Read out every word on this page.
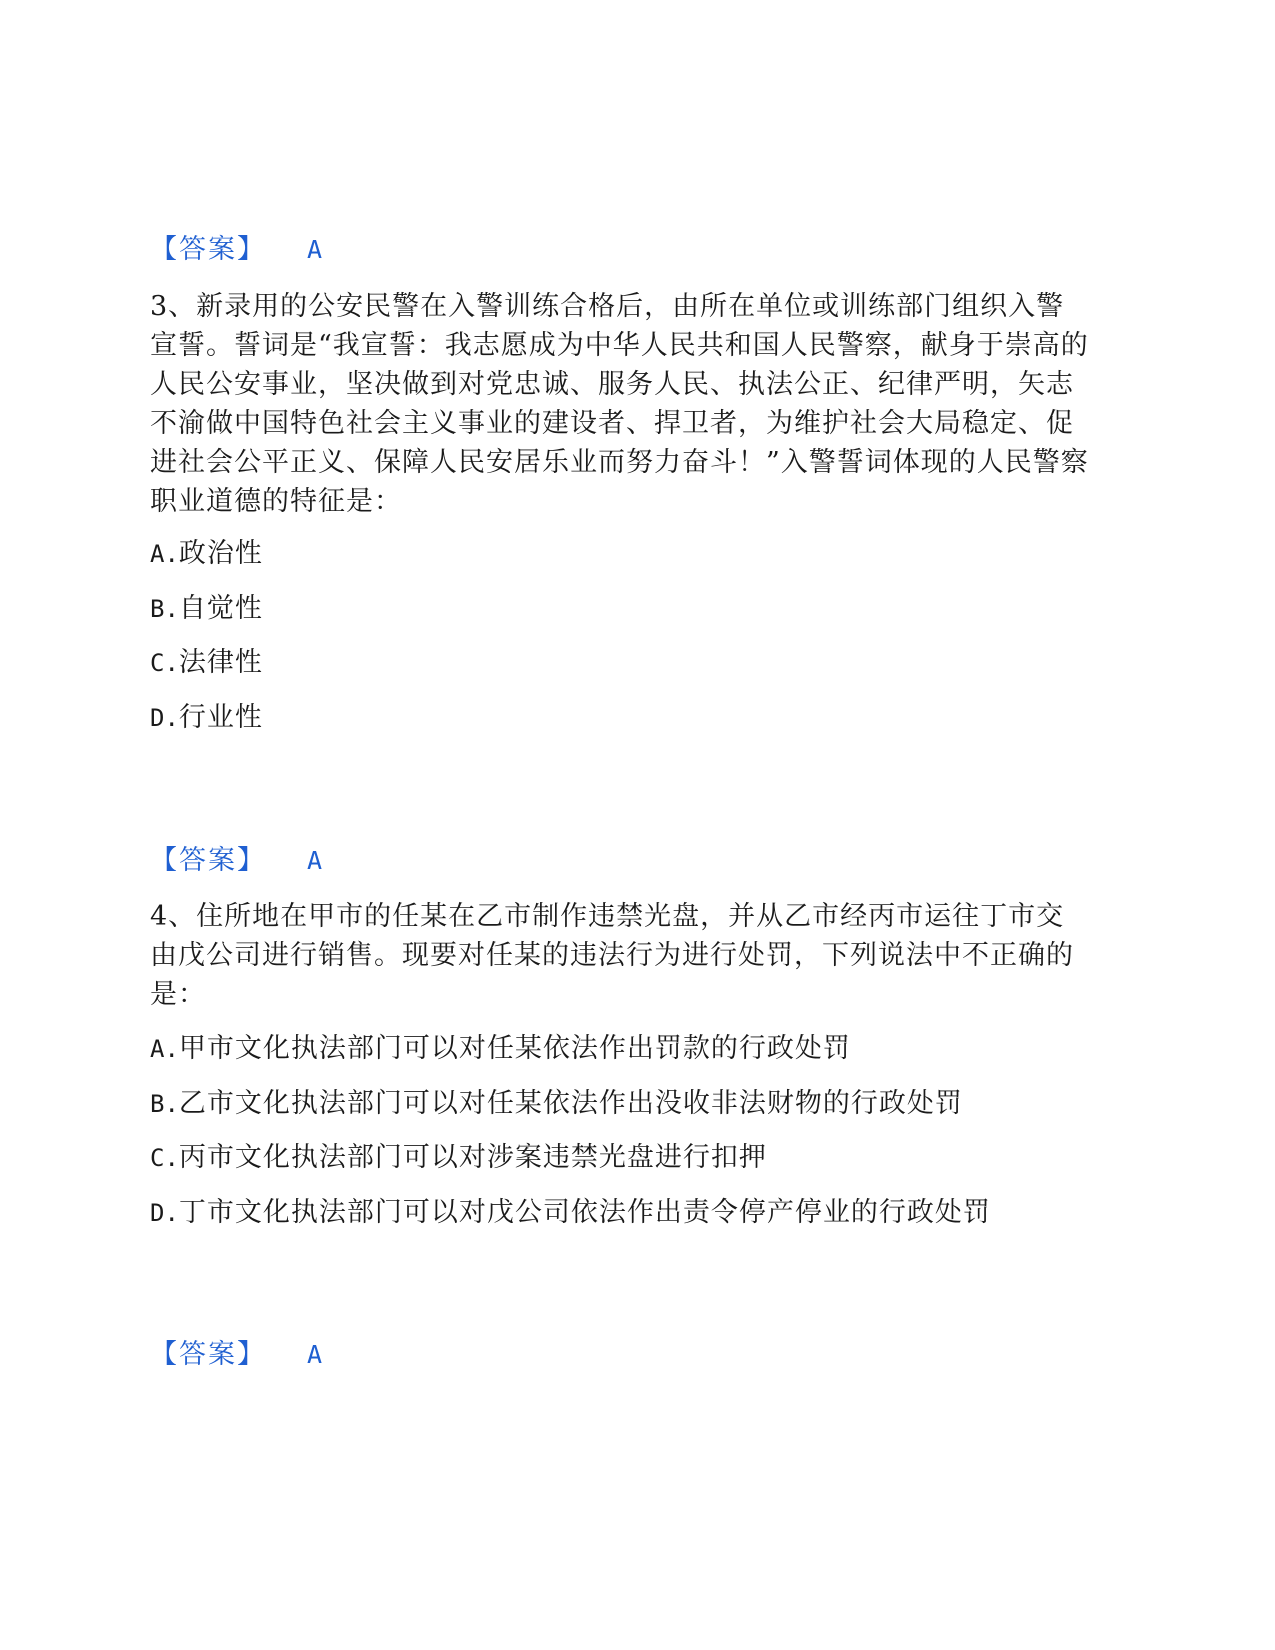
【答案】 A

3、新录用的公安民警在入警训练合格后，由所在单位或训练部门组织入警

宣誓。誓词是“我宣誓：我志愿成为中华人民共和国人民警察，献身于崇高的

人民公安事业，坚决做到对党忠诚、服务人民、执法公正、纪律严明，矢志

不渝做中国特色社会主义事业的建设者、捍卫者，为维护社会大局稳定、促

进社会公平正义、保障人民安居乐业而努力奋斗！”入警誓词体现的人民警察

职业道德的特征是：

A.政治性
B.自觉性
C.法律性
D.行业性
【答案】 A

4、住所地在甲市的任某在乙市制作违禁光盘，并从乙市经丙市运往丁市交

由戊公司进行销售。现要对任某的违法行为进行处罚，下列说法中不正确的

是：

A.甲市文化执法部门可以对任某依法作出罚款的行政处罚
B.乙市文化执法部门可以对任某依法作出没收非法财物的行政处罚
C.丙市文化执法部门可以对涉案违禁光盘进行扣押
D.丁市文化执法部门可以对戊公司依法作出责令停产停业的行政处罚
【答案】 A
